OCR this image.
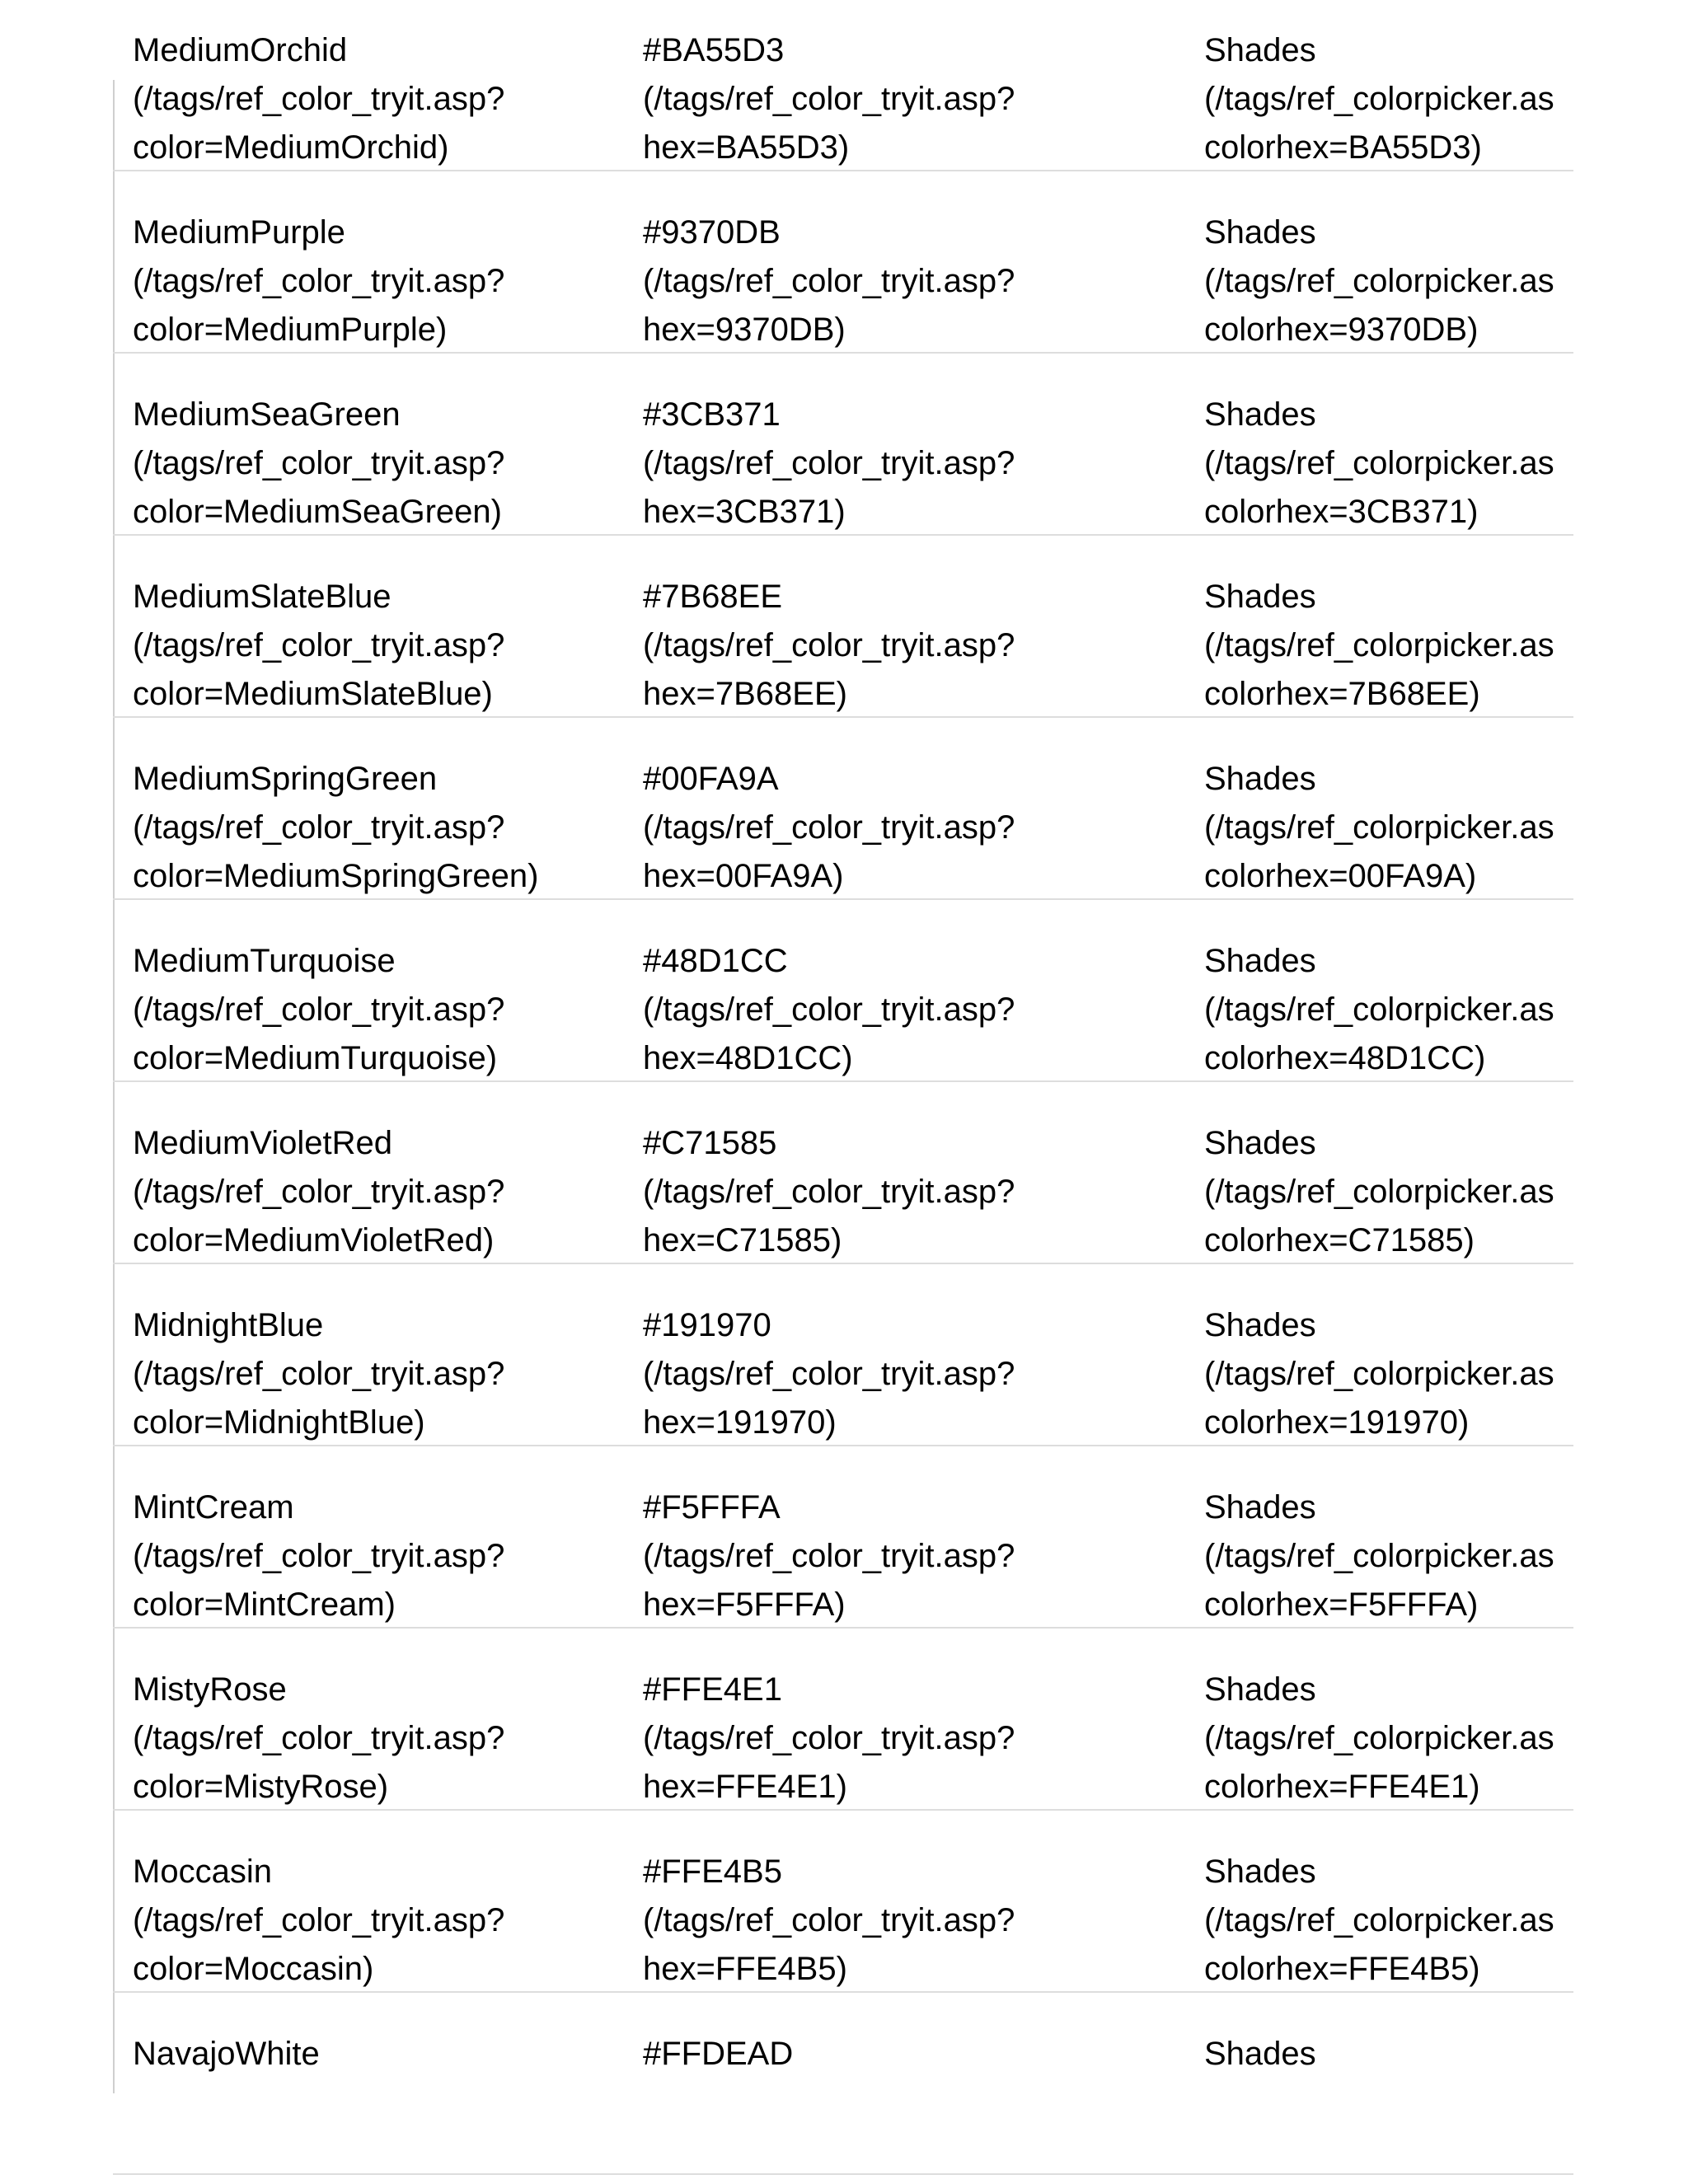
MediumOrchid
(/tags/ref_color_tryit.asp?
color=MediumOrchid)
#BA55D3
(/tags/ref_color_tryit.asp?
hex=BA55D3)
Shades
(/tags/ref_colorpicker.as
colorhex=BA55D3)
MediumPurple
(/tags/ref_color_tryit.asp?
color=MediumPurple)
#9370DB
(/tags/ref_color_tryit.asp?
hex=9370DB)
Shades
(/tags/ref_colorpicker.as
colorhex=9370DB)
MediumSeaGreen
(/tags/ref_color_tryit.asp?
color=MediumSeaGreen)
#3CB371
(/tags/ref_color_tryit.asp?
hex=3CB371)
Shades
(/tags/ref_colorpicker.as
colorhex=3CB371)
MediumSlateBlue
(/tags/ref_color_tryit.asp?
color=MediumSlateBlue)
#7B68EE
(/tags/ref_color_tryit.asp?
hex=7B68EE)
Shades
(/tags/ref_colorpicker.as
colorhex=7B68EE)
MediumSpringGreen
(/tags/ref_color_tryit.asp?
color=MediumSpringGreen)
#00FA9A
(/tags/ref_color_tryit.asp?
hex=00FA9A)
Shades
(/tags/ref_colorpicker.as
colorhex=00FA9A)
MediumTurquoise
(/tags/ref_color_tryit.asp?
color=MediumTurquoise)
#48D1CC
(/tags/ref_color_tryit.asp?
hex=48D1CC)
Shades
(/tags/ref_colorpicker.as
colorhex=48D1CC)
MediumVioletRed
(/tags/ref_color_tryit.asp?
color=MediumVioletRed)
#C71585
(/tags/ref_color_tryit.asp?
hex=C71585)
Shades
(/tags/ref_colorpicker.as
colorhex=C71585)
MidnightBlue
(/tags/ref_color_tryit.asp?
color=MidnightBlue)
#191970
(/tags/ref_color_tryit.asp?
hex=191970)
Shades
(/tags/ref_colorpicker.as
colorhex=191970)
MintCream
(/tags/ref_color_tryit.asp?
color=MintCream)
#F5FFFA
(/tags/ref_color_tryit.asp?
hex=F5FFFA)
Shades
(/tags/ref_colorpicker.as
colorhex=F5FFFA)
MistyRose
(/tags/ref_color_tryit.asp?
color=MistyRose)
#FFE4E1
(/tags/ref_color_tryit.asp?
hex=FFE4E1)
Shades
(/tags/ref_colorpicker.as
colorhex=FFE4E1)
Moccasin
(/tags/ref_color_tryit.asp?
color=Moccasin)
#FFE4B5
(/tags/ref_color_tryit.asp?
hex=FFE4B5)
Shades
(/tags/ref_colorpicker.as
colorhex=FFE4B5)
NavajoWhite	#FFDEAD	Shades
